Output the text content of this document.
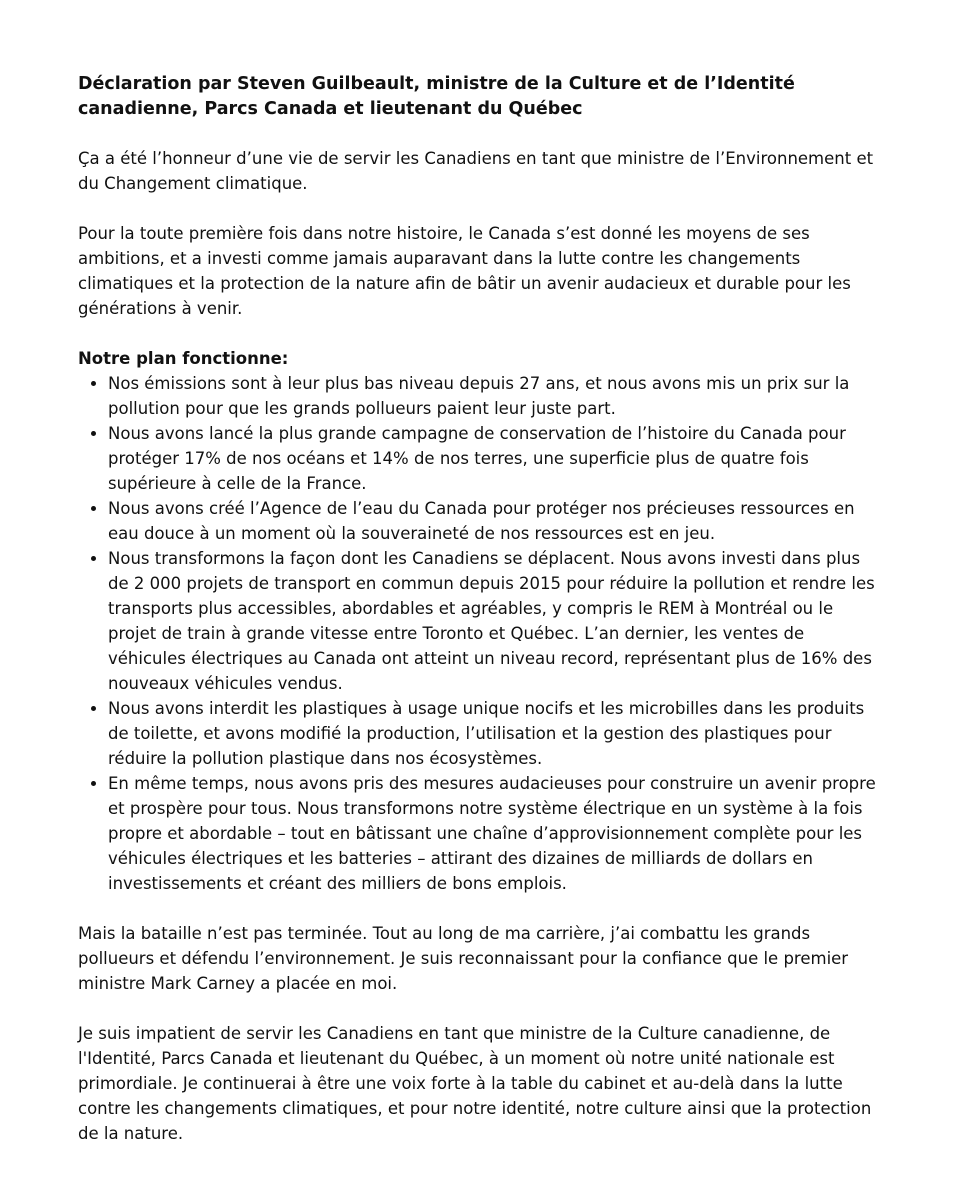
Déclaration par Steven Guilbeault, ministre de la Culture et de l’Identité canadienne, Parcs Canada et lieutenant du Québec

Ça a été l’honneur d’une vie de servir les Canadiens en tant que ministre de l’Environnement et du Changement climatique.

Pour la toute première fois dans notre histoire, le Canada s’est donné les moyens de ses ambitions, et a investi comme jamais auparavant dans la lutte contre les changements climatiques et la protection de la nature afin de bâtir un avenir audacieux et durable pour les générations à venir.

Notre plan fonctionne:

• Nos émissions sont à leur plus bas niveau depuis 27 ans, et nous avons mis un prix sur la pollution pour que les grands pollueurs paient leur juste part.
• Nous avons lancé la plus grande campagne de conservation de l’histoire du Canada pour protéger 17% de nos océans et 14% de nos terres, une superficie plus de quatre fois supérieure à celle de la France.
• Nous avons créé l’Agence de l’eau du Canada pour protéger nos précieuses ressources en eau douce à un moment où la souveraineté de nos ressources est en jeu.
• Nous transformons la façon dont les Canadiens se déplacent. Nous avons investi dans plus de 2 000 projets de transport en commun depuis 2015 pour réduire la pollution et rendre les transports plus accessibles, abordables et agréables, y compris le REM à Montréal ou le projet de train à grande vitesse entre Toronto et Québec. L’an dernier, les ventes de véhicules électriques au Canada ont atteint un niveau record, représentant plus de 16% des nouveaux véhicules vendus.
• Nous avons interdit les plastiques à usage unique nocifs et les microbilles dans les produits de toilette, et avons modifié la production, l’utilisation et la gestion des plastiques pour réduire la pollution plastique dans nos écosystèmes.
• En même temps, nous avons pris des mesures audacieuses pour construire un avenir propre et prospère pour tous. Nous transformons notre système électrique en un système à la fois propre et abordable – tout en bâtissant une chaîne d’approvisionnement complète pour les véhicules électriques et les batteries – attirant des dizaines de milliards de dollars en investissements et créant des milliers de bons emplois.

Mais la bataille n’est pas terminée. Tout au long de ma carrière, j’ai combattu les grands pollueurs et défendu l’environnement. Je suis reconnaissant pour la confiance que le premier ministre Mark Carney a placée en moi.

Je suis impatient de servir les Canadiens en tant que ministre de la Culture canadienne, de l'Identité, Parcs Canada et lieutenant du Québec, à un moment où notre unité nationale est primordiale. Je continuerai à être une voix forte à la table du cabinet et au-delà dans la lutte contre les changements climatiques, et pour notre identité, notre culture ainsi que la protection de la nature.
